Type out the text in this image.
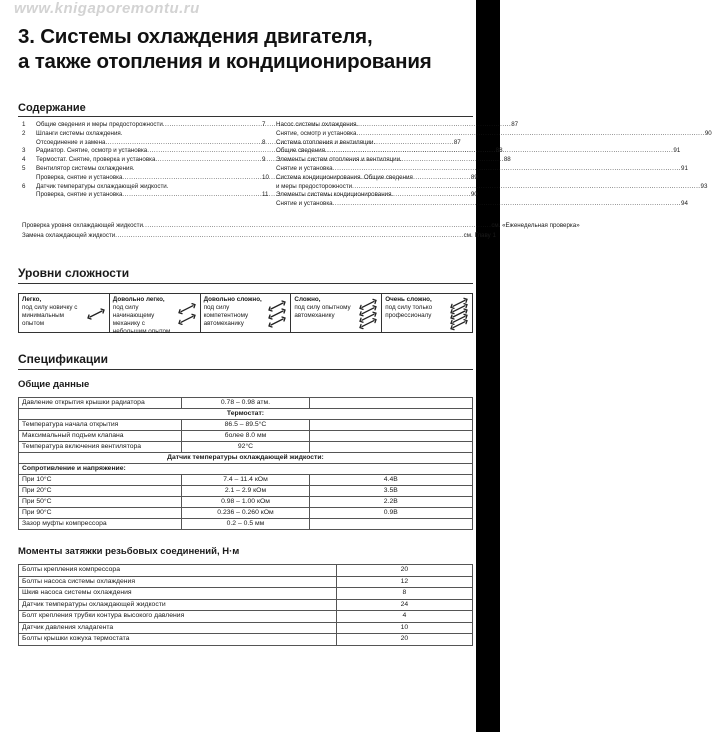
www.knigaporemontu.ru
3. Системы охлаждения двигателя,
а также отопления и кондиционирования
Содержание
1	Общие сведения и меры предосторожности .....	87
2	Шланги системы охлаждения.
Отсоединение и замена .....	87
3	Радиатор. Снятие, осмотр и установка .....	88
4	Термостат. Снятие, проверка и установка .....	88
5	Вентилятор системы охлаждения.
Проверка, снятие и установка .....	89
6	Датчик температуры охлаждающей жидкости.
Проверка, снятие и установка .....	90
7	Насос системы охлаждения.
Снятие, осмотр и установка .....	90
8	Система отопления и вентиляции.
Общие сведения .....	91
9	Элементы систем отопления и вентиляции.
Снятие и установка .....	91
10	Система кондиционирования. Общие сведения
и меры предосторожности .....	93
11	Элементы системы кондиционирования.
Снятие и установка .....	94
Проверка уровня охлаждающей жидкости .....	см. «Еженедельная проверка»
Замена охлаждающей жидкости .....	см. Главу 1
Уровни сложности
Легко,
под силу новичку с минимальным опытом
Довольно легко,
под силу начинающему механику с небольшим опытом
Довольно сложно,
под силу компетентному автомеханику
Сложно,
под силу опытному автомеханику
Очень сложно,
под силу только профессионалу
Спецификации
Общие данные
Давление открытия крышки радиатора	0.78 – 0.98 атм.	
Термостат:		
Температура начала открытия	86.5 – 89.5°C	
Максимальный подъем клапана	более 8.0 мм	
Температура включения вентилятора	92°C	
Датчик температуры охлаждающей жидкости:		
Сопротивление и напряжение:		
При 10°C	7.4 – 11.4 кОм	4.4В
При 20°C	2.1 – 2.9 кОм	3.5В
При 50°C	0.98 – 1.00 кОм	2.2В
При 90°C	0.236 – 0.260 кОм	0.9В
Зазор муфты компрессора	0.2 – 0.5 мм	
Моменты затяжки резьбовых соединений, Н·м
Болты крепления компрессора	20
Болты насоса системы охлаждения	12
Шкив насоса системы охлаждения	8
Датчик температуры охлаждающей жидкости	24
Болт крепления трубки контура высокого давления	4
Датчик давления хладагента	10
Болты крышки кожуха термостата	20
